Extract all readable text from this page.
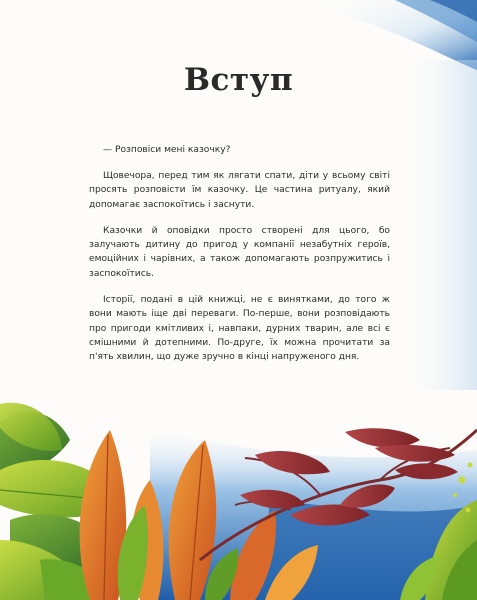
Вступ

— Розповіси мені казочку?

Щовечора, перед тим як лягати спати, діти у всьому світі просять розповісти їм казочку. Це частина ритуалу, який допомагає заспокоїтись і заснути.

Казочки й оповідки просто створені для цього, бо залучають дитину до пригод у компанії незабутніх героїв, емоційних і чарівних, а також допомагають розпружитись і заспокоїтись.

Історії, подані в цій книжці, не є винятками, до того ж вони мають іще дві переваги. По-перше, вони розповідають про пригоди кмітливих і, навпаки, дурних тварин, але всі є смішними й дотепними. По-друге, їх можна прочитати за п'ять хвилин, що дуже зручно в кінці напруженого дня.
